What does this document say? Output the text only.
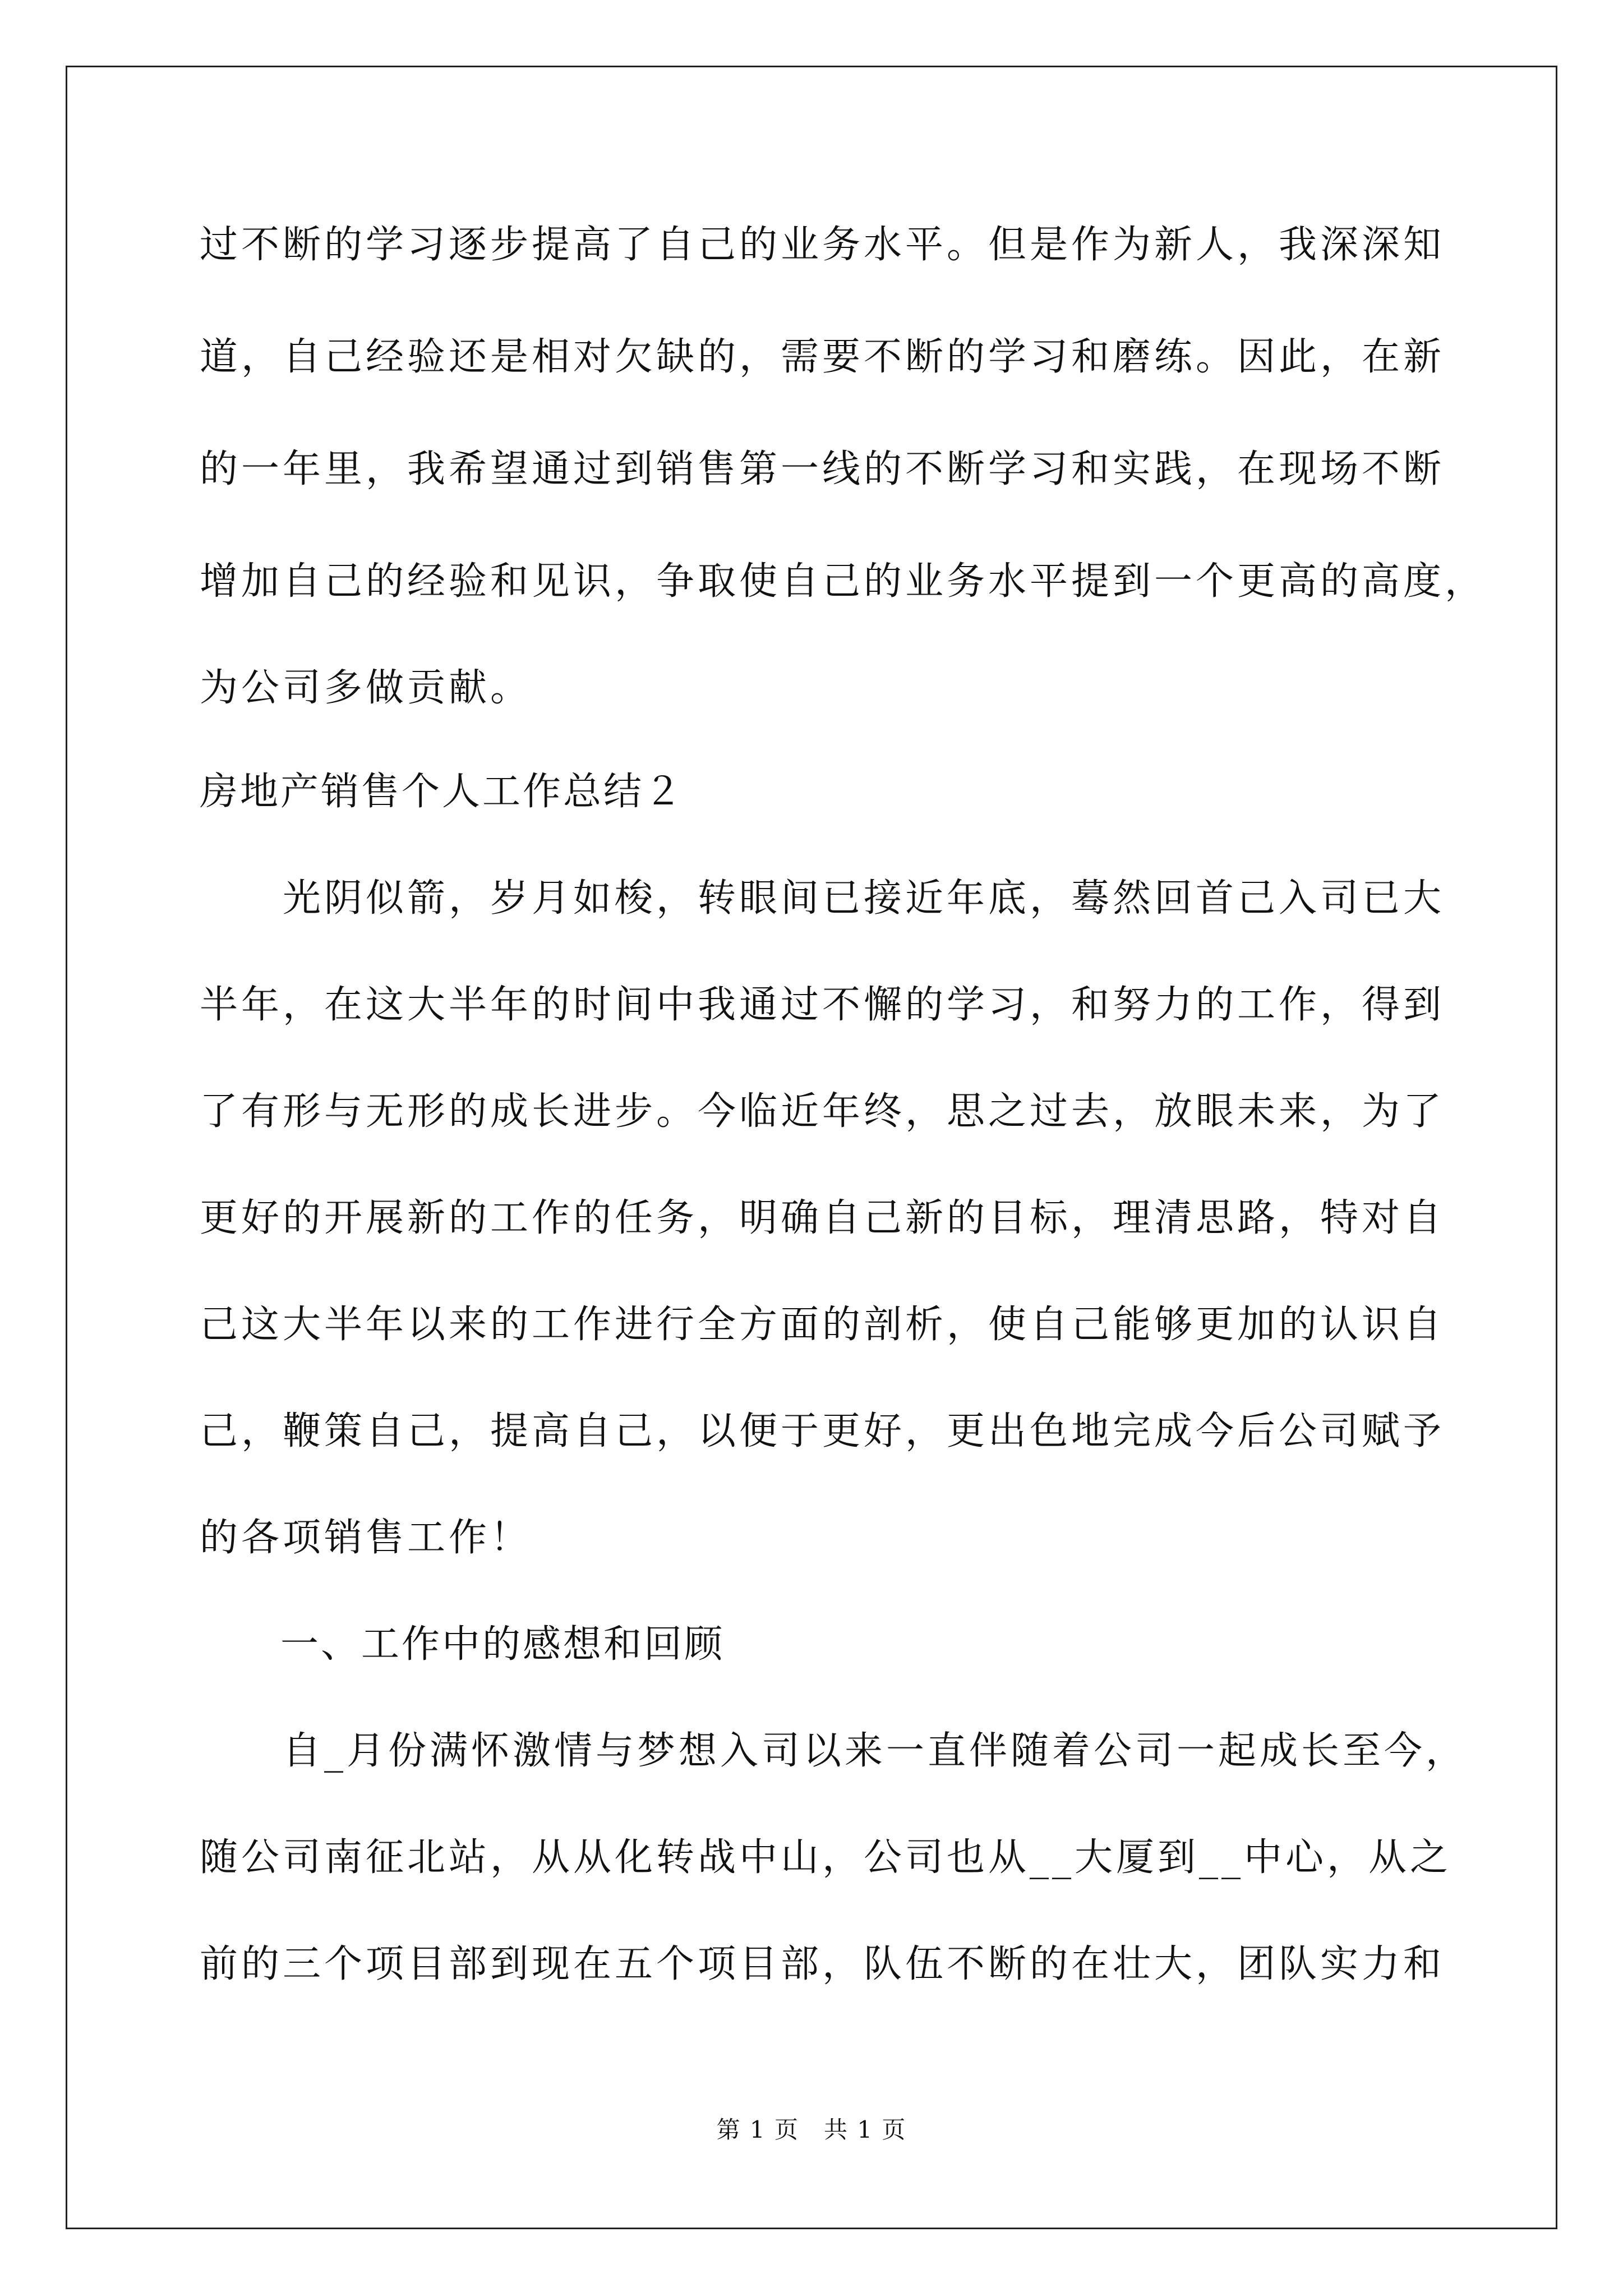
过不断的学习逐步提高了自己的业务水平。但是作为新人，我深深知
道，自己经验还是相对欠缺的，需要不断的学习和磨练。因此，在新
的一年里，我希望通过到销售第一线的不断学习和实践，在现场不断
增加自己的经验和见识，争取使自己的业务水平提到一个更高的高度，
为公司多做贡献。
房地产销售个人工作总结２
　　光阴似箭，岁月如梭，转眼间已接近年底，蓦然回首己入司已大
半年，在这大半年的时间中我通过不懈的学习，和努力的工作，得到
了有形与无形的成长进步。今临近年终，思之过去，放眼未来，为了
更好的开展新的工作的任务，明确自己新的目标，理清思路，特对自
己这大半年以来的工作进行全方面的剖析，使自己能够更加的认识自
己，鞭策自己，提高自己，以便于更好，更出色地完成今后公司赋予
的各项销售工作！
　　一、工作中的感想和回顾
　　自_月份满怀激情与梦想入司以来一直伴随着公司一起成长至今，
随公司南征北站，从从化转战中山，公司也从__大厦到__中心，从之
前的三个项目部到现在五个项目部，队伍不断的在壮大，团队实力和
第 1 页　共 1 页
